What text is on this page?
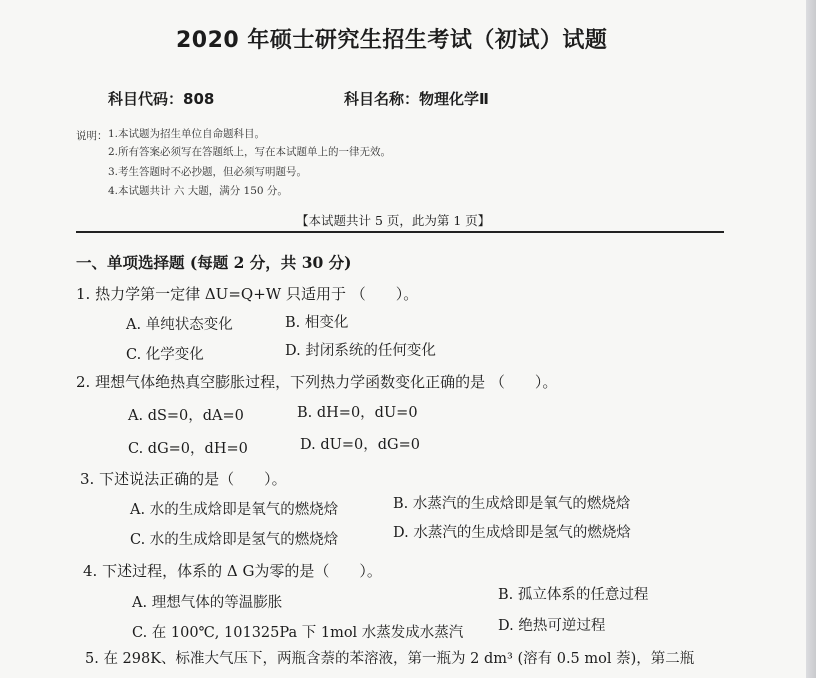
2020 年硕士研究生招生考试（初试）试题
科目代码：808	科目名称：物理化学Ⅱ
说明： 1.本试题为招生单位自命题科目。
2.所有答案必须写在答题纸上，写在本试题单上的一律无效。
3.考生答题时不必抄题，但必须写明题号。
4.本试题共计 六 大题，满分 150 分。
【本试题共计 5 页，此为第 1 页】
一、单项选择题 (每题 2 分，共 30 分)
1. 热力学第一定律 ΔU=Q+W 只适用于 （　　）。
A. 单纯状态变化	B. 相变化
C. 化学变化	D. 封闭系统的任何变化
2. 理想气体绝热真空膨胀过程，下列热力学函数变化正确的是 （　　）。
A. dS=0，dA=0	B. dH=0，dU=0
C. dG=0，dH=0	D. dU=0，dG=0
3. 下述说法正确的是（　　）。
A. 水的生成焓即是氧气的燃烧焓	B. 水蒸汽的生成焓即是氧气的燃烧焓
C. 水的生成焓即是氢气的燃烧焓	D. 水蒸汽的生成焓即是氢气的燃烧焓
4. 下述过程，体系的 Δ G为零的是（　　）。
A. 理想气体的等温膨胀	B. 孤立体系的任意过程
C. 在 100℃, 101325Pa 下 1mol 水蒸发成水蒸汽 D. 绝热可逆过程
5. 在 298K、标准大气压下，两瓶含萘的苯溶液，第一瓶为 2 dm³ (溶有 0.5 mol 萘)，第二瓶
